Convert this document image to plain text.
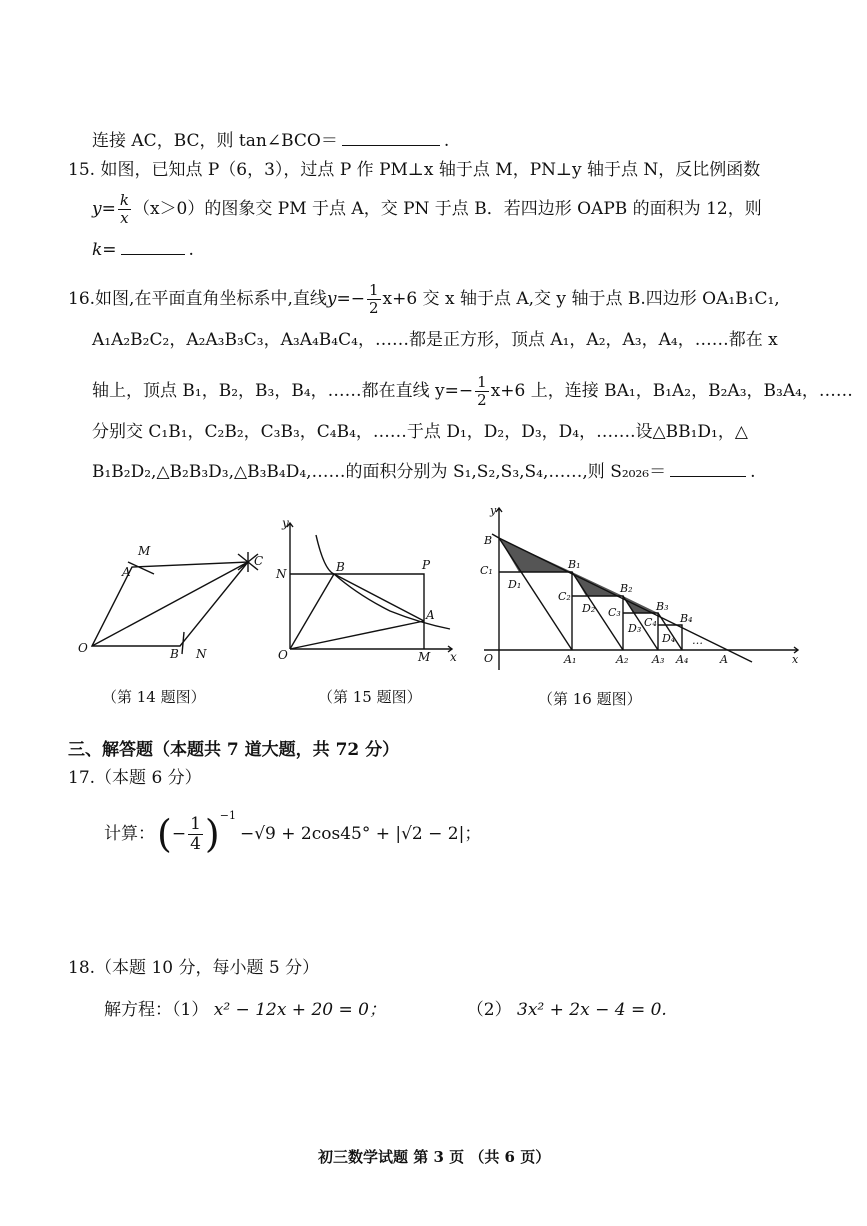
连接 AC，BC，则 tan∠BCO＝	.
15. 如图，已知点 P（6，3），过点 P 作 PM⊥x 轴于点 M，PN⊥y 轴于点 N，反比例函数
$y= \frac{k}{x} (x>0)$的图象交 PM 于点 A，交 PN 于点 B．若四边形 OAPB 的面积为 12，则
k=	.
16.如图,在平面直角坐标系中,直线$y=- \frac{1}{2} x+6$ 交 x 轴于点 A,交 y 轴于点 B.四边形 OA₁B₁C₁,
A₁A₂B₂C₂，A₂A₃B₃C₃，A₃A₄B₄C₄，……都是正方形，顶点 A₁，A₂，A₃，A₄，……都在 x
轴上，顶点 B₁，B₂，B₃，B₄，……都在直线 $y=- \frac{1}{2} x+6$ 上，连接 BA₁，B₁A₂，B₂A₃，B₃A₄，……
分别交 C₁B₁，C₂B₂，C₃B₃，C₄B₄，……于点 D₁，D₂，D₃，D₄，…….设△BB₁D₁，△
B₁B₂D₂,△B₂B₃D₃,△B₃B₄D₄,……的面积分别为 S₁,S₂,S₃,S₄,……,则 S₂₀₂₆＝	.
M
A
C
O	B N
y
N	B	P
A
O	M x
y
B
C₁
D₁
B₁
C₂
D₂
B₂
C₃
D₃
B₃
C₄
D₄
B₄
…
O	A₁	A₂ A₃ A₄	A	x
（第 14 题图）	（第 15 题图）	（第 16 题图）
三、解答题（本题共 7 道大题，共 72 分）
17.（本题 6 分）
计算： ( − $\frac{1}{4}$ ) −1
−√9 + 2cos45° + |√2 − 2|；
18.（本题 10 分，每小题 5 分）
解方程：（1） x² − 12x + 20 = 0；	（2） 3x² + 2x − 4 = 0.
初三数学试题 第 3 页 （共 6 页）
